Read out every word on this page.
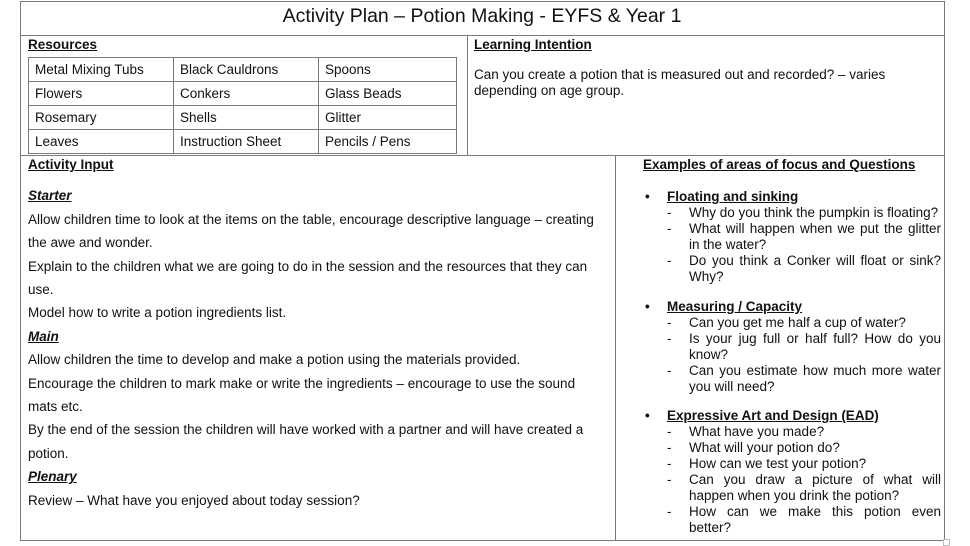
Activity Plan – Potion Making - EYFS & Year 1
Resources
Metal Mixing Tubs	Black Cauldrons	Spoons
Flowers	Conkers	Glass Beads
Rosemary	Shells	Glitter
Leaves	Instruction Sheet	Pencils / Pens
Learning Intention
Can you create a potion that is measured out and recorded? – varies
depending on age group.
Activity Input
Starter
Allow children time to look at the items on the table, encourage descriptive language – creating
the awe and wonder.
Explain to the children what we are going to do in the session and the resources that they can
use.
Model how to write a potion ingredients list.
Main
Allow children the time to develop and make a potion using the materials provided.
Encourage the children to mark make or write the ingredients – encourage to use the sound
mats etc.
By the end of the session the children will have worked with a partner and will have created a
potion.
Plenary
Review – What have you enjoyed about today session?
Examples of areas of focus and Questions
• Floating and sinking
- Why do you think the pumpkin is floating?
- What will happen when we put the glitter in the water?
- Do you think a Conker will float or sink? Why?
• Measuring / Capacity
- Can you get me half a cup of water?
- Is your jug full or half full? How do you know?
- Can you estimate how much more water you will need?
• Expressive Art and Design (EAD)
- What have you made?
- What will your potion do?
- How can we test your potion?
- Can you draw a picture of what will happen when you drink the potion?
- How can we make this potion even better?
